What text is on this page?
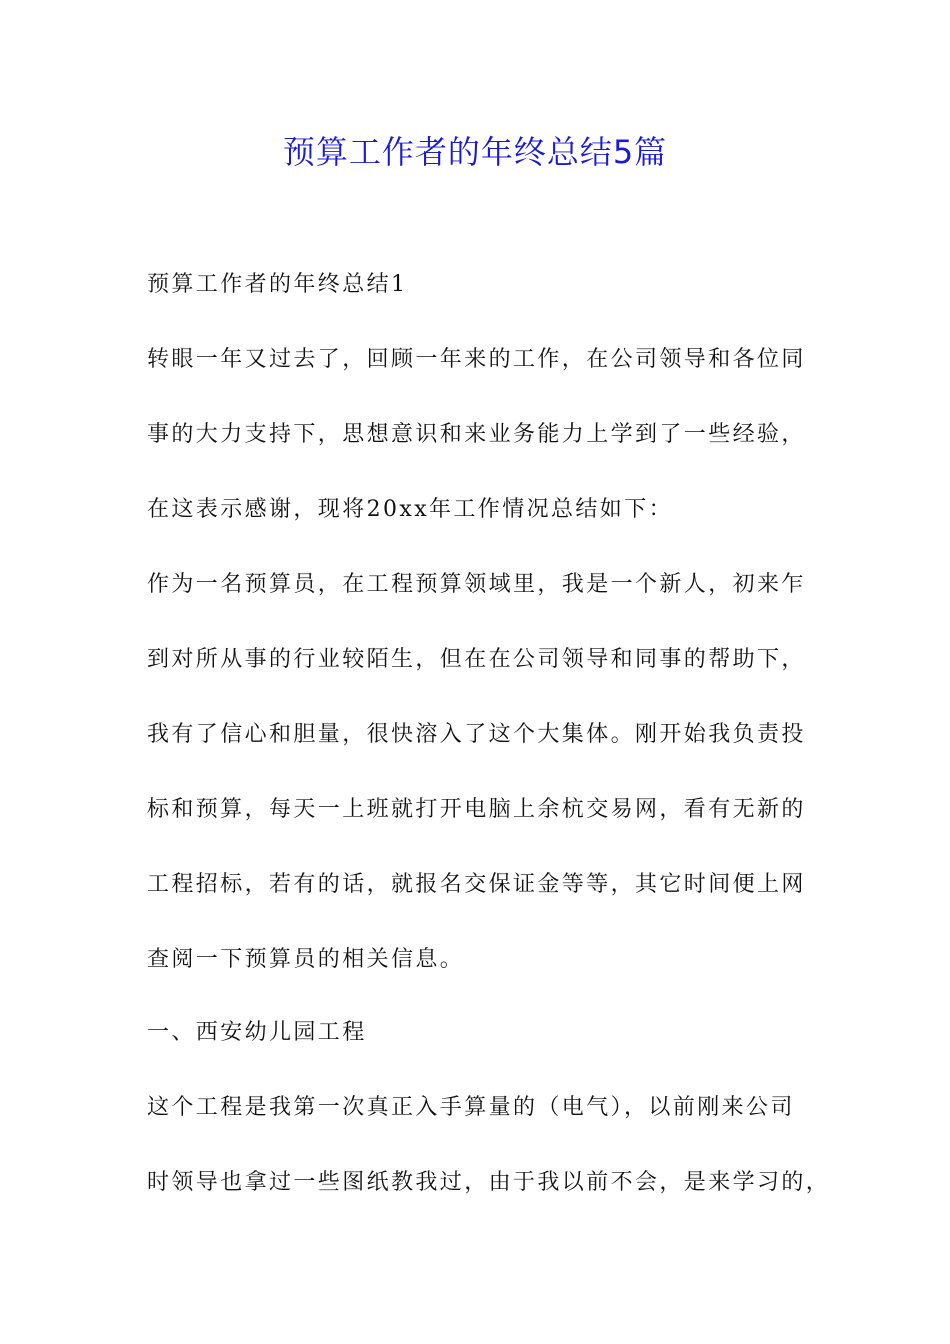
预算工作者的年终总结5篇
预算工作者的年终总结1
转眼一年又过去了，回顾一年来的工作，在公司领导和各位同
事的大力支持下，思想意识和来业务能力上学到了一些经验，
在这表示感谢，现将20xx年工作情况总结如下：
作为一名预算员，在工程预算领域里，我是一个新人，初来乍
到对所从事的行业较陌生，但在在公司领导和同事的帮助下，
我有了信心和胆量，很快溶入了这个大集体。刚开始我负责投
标和预算，每天一上班就打开电脑上余杭交易网，看有无新的
工程招标，若有的话，就报名交保证金等等，其它时间便上网
查阅一下预算员的相关信息。
一、西安幼儿园工程
这个工程是我第一次真正入手算量的（电气），以前刚来公司
时领导也拿过一些图纸教我过，由于我以前不会，是来学习的，
